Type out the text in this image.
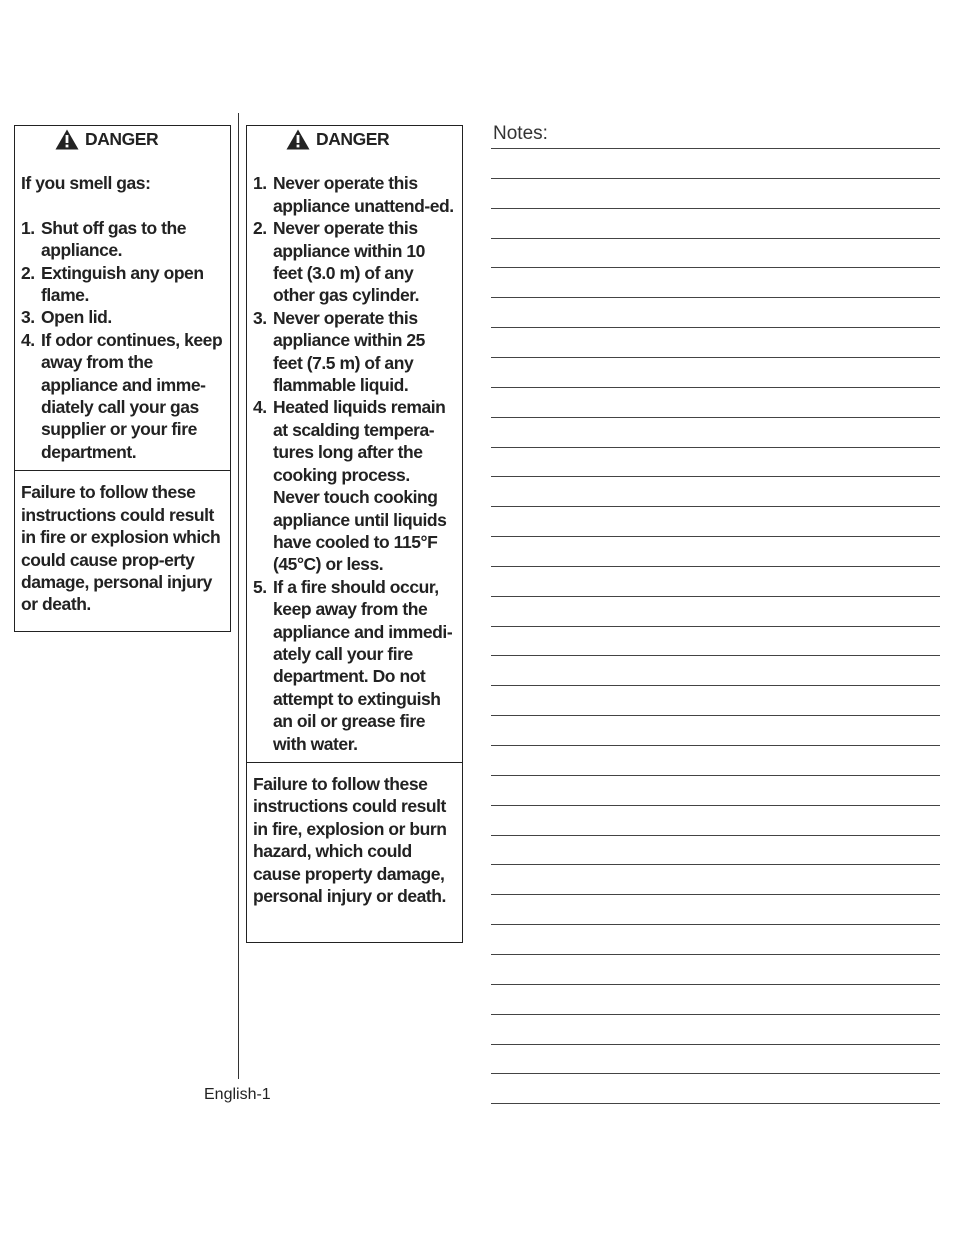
DANGER
If you smell gas:
1. Shut off gas to the appliance.
2. Extinguish any open flame.
3. Open lid.
4. If odor continues, keep away from the appliance and imme-diately call your gas supplier or your fire department.
Failure to follow these instructions could result in fire or explosion which could cause prop-erty damage, personal injury or death.
DANGER
1. Never operate this appliance unattend-ed.
2. Never operate this appliance within 10 feet (3.0 m) of any other gas cylinder.
3. Never operate this appliance within 25 feet (7.5 m) of any flammable liquid.
4. Heated liquids remain at scalding tempera-tures long after the cooking process. Never touch cooking appliance until liquids have cooled to 115°F (45°C) or less.
5. If a fire should occur, keep away from the appliance and immedi-ately call your fire department. Do not attempt to extinguish an oil or grease fire with water.
Failure to follow these instructions could result in fire, explosion or burn hazard, which could cause property damage, personal injury or death.
English-1
Notes:
